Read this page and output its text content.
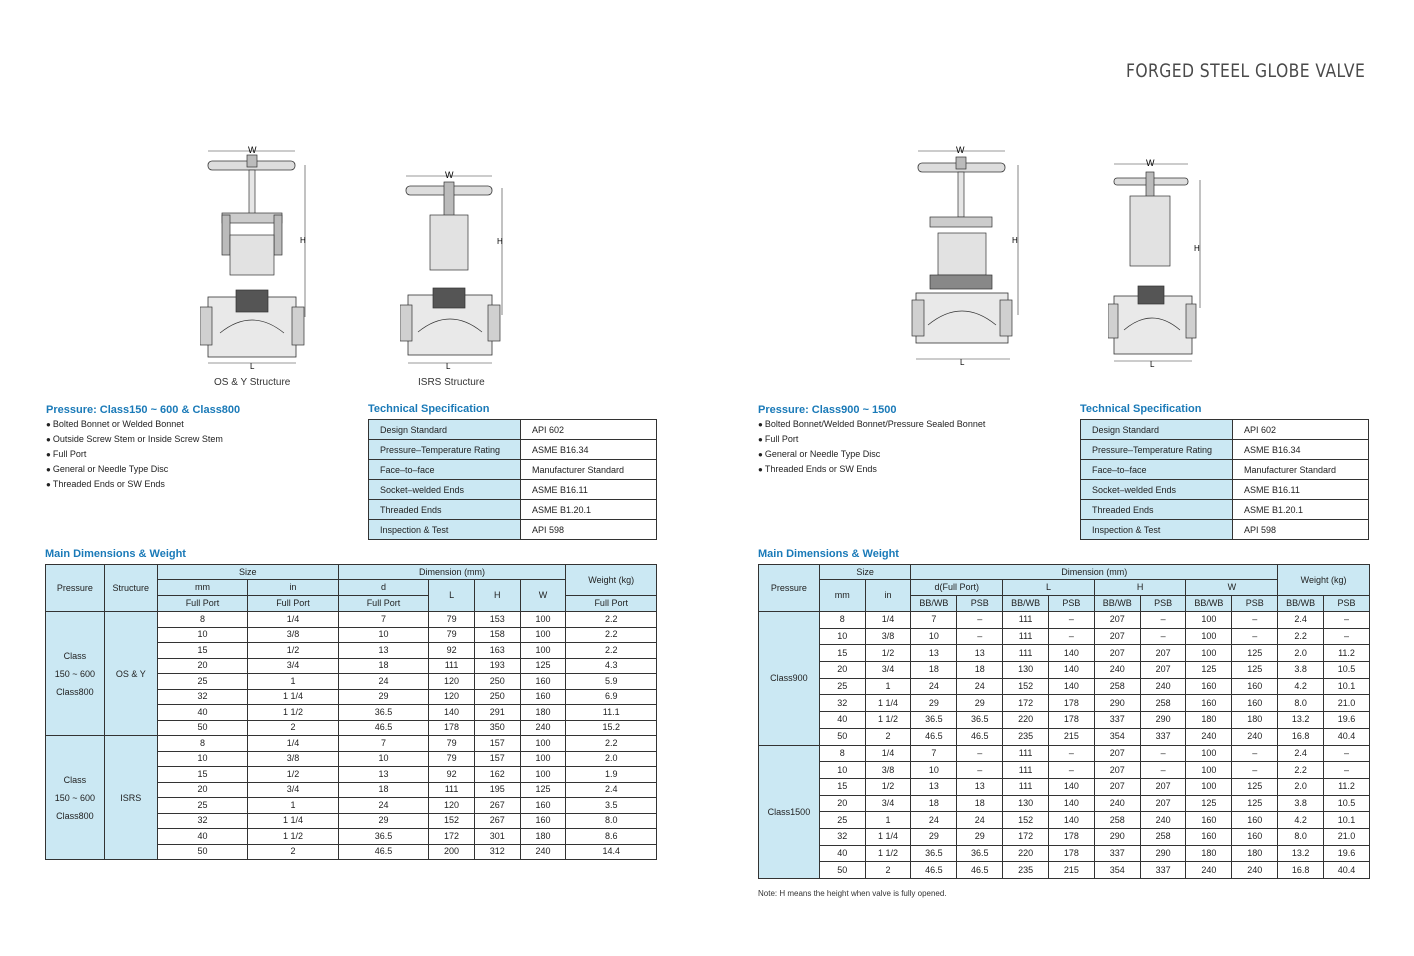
FORGED STEEL GLOBE VALVE
W
H
L
OS & Y Structure
W
H
L
ISRS Structure
W
H
L
W
H
L
Pressure: Class150 ~ 600 & Class800
● Bolted Bonnet or Welded Bonnet
● Outside Screw Stem or Inside Screw Stem
● Full Port
● General or Needle Type Disc
● Threaded Ends or SW Ends
Technical Specification
Design Standard	API 602
Pressure–Temperature Rating	ASME B16.34
Face–to–face	Manufacturer Standard
Socket–welded Ends	ASME B16.11
Threaded Ends	ASME B1.20.1
Inspection & Test	API 598
Main Dimensions & Weight
Pressure	Structure	Size		Dimension (mm)				Weight (kg)
		mm	in	d	L	H	W	
		Full Port	Full Port	Full Port				Full Port

Class
150 ~ 600
Class800	OS & Y	8	1/4	7	79	153	100	2.2
		10	3/8	10	79	158	100	2.2
		15	1/2	13	92	163	100	2.2
		20	3/4	18	111	193	125	4.3
		25	1	24	120	250	160	5.9
		32	1 1/4	29	120	250	160	6.9
		40	1 1/2	36.5	140	291	180	11.1
		50	2	46.5	178	350	240	15.2

Class
150 ~ 600
Class800	ISRS	8	1/4	7	79	157	100	2.2
		10	3/8	10	79	157	100	2.0
		15	1/2	13	92	162	100	1.9
		20	3/4	18	111	195	125	2.4
		25	1	24	120	267	160	3.5
		32	1 1/4	29	152	267	160	8.0
		40	1 1/2	36.5	172	301	180	8.6
		50	2	46.5	200	312	240	14.4
Pressure: Class900 ~ 1500
● Bolted Bonnet/Welded Bonnet/Pressure Sealed Bonnet
● Full Port
● General or Needle Type Disc
● Threaded Ends or SW Ends
Technical Specification
Design Standard	API 602
Pressure–Temperature Rating	ASME B16.34
Face–to–face	Manufacturer Standard
Socket–welded Ends	ASME B16.11
Threaded Ends	ASME B1.20.1
Inspection & Test	API 598
Main Dimensions & Weight
Pressure	Size		Dimension (mm)								Weight (kg)	
	mm	in	d(Full Port)		L		H		W			
			BB/WB	PSB	BB/WB	PSB	BB/WB	PSB	BB/WB	PSB	BB/WB	PSB
Class900	8	1/4	7	–	111	–	207	–	100	–	2.4	–
	10	3/8	10	–	111	–	207	–	100	–	2.2	–
	15	1/2	13	13	111	140	207	207	100	125	2.0	11.2
	20	3/4	18	18	130	140	240	207	125	125	3.8	10.5
	25	1	24	24	152	140	258	240	160	160	4.2	10.1
	32	1 1/4	29	29	172	178	290	258	160	160	8.0	21.0
	40	1 1/2	36.5	36.5	220	178	337	290	180	180	13.2	19.6
	50	2	46.5	46.5	235	215	354	337	240	240	16.8	40.4
Class1500	8	1/4	7	–	111	–	207	–	100	–	2.4	–
	10	3/8	10	–	111	–	207	–	100	–	2.2	–
	15	1/2	13	13	111	140	207	207	100	125	2.0	11.2
	20	3/4	18	18	130	140	240	207	125	125	3.8	10.5
	25	1	24	24	152	140	258	240	160	160	4.2	10.1
	32	1 1/4	29	29	172	178	290	258	160	160	8.0	21.0
	40	1 1/2	36.5	36.5	220	178	337	290	180	180	13.2	19.6
	50	2	46.5	46.5	235	215	354	337	240	240	16.8	40.4
Note: H means the height when valve is fully opened.
